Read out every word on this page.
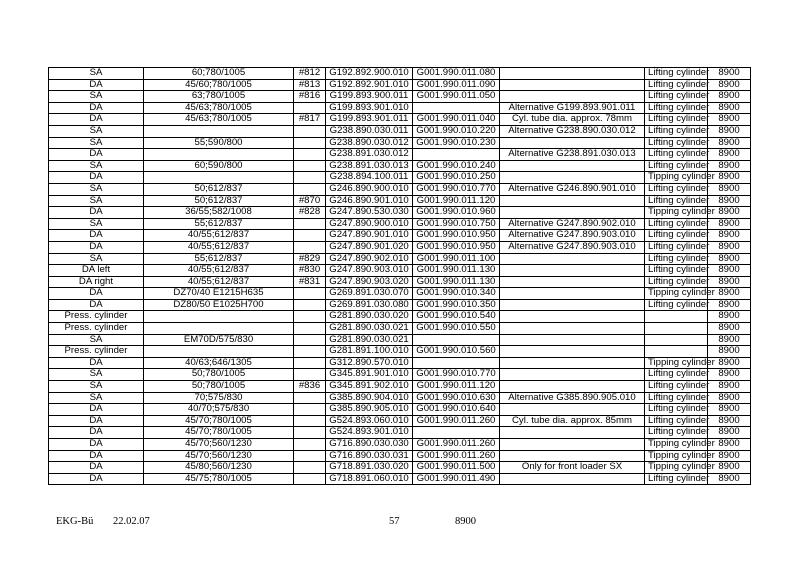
SA	60;780/1005	#812	G192.892.900.010	G001.990.011.080		Lifting cylinder	8900
DA	45/60;780/1005	#813	G192.892.901.010	G001.990.011.090		Lifting cylinder	8900
SA	63;780/1005	#816	G199.893.900.011	G001.990.011.050		Lifting cylinder	8900
DA	45/63;780/1005		G199.893.901.010		Alternative G199.893.901.011	Lifting cylinder	8900
DA	45/63;780/1005	#817	G199.893.901.011	G001.990.011.040	Cyl. tube dia. approx. 78mm	Lifting cylinder	8900
SA			G238.890.030.011	G001.990.010.220	Alternative G238.890.030.012	Lifting cylinder	8900
SA	55;590/800		G238.890.030.012	G001.990.010.230		Lifting cylinder	8900
DA			G238.891.030.012		Alternative G238.891.030.013	Lifting cylinder	8900
SA	60;590/800		G238.891.030.013	G001.990.010.240		Lifting cylinder	8900
DA			G238.894.100.011	G001.990.010.250		Tipping cylinder	8900
SA	50;612/837		G246.890.900.010	G001.990.010.770	Alternative G246.890.901.010	Lifting cylinder	8900
SA	50;612/837	#870	G246.890.901.010	G001.990.011.120		Lifting cylinder	8900
DA	36/55;582/1008	#828	G247.890.530.030	G001.990.010.960		Tipping cylinder	8900
SA	55;612/837		G247.890.900.010	G001.990.010.750	Alternative G247.890.902.010	Lifting cylinder	8900
DA	40/55;612/837		G247.890.901.010	G001.990.010.950	Alternative G247.890.903.010	Lifting cylinder	8900
DA	40/55;612/837		G247.890.901.020	G001.990.010.950	Alternative G247.890.903.010	Lifting cylinder	8900
SA	55;612/837	#829	G247.890.902.010	G001.990.011.100		Lifting cylinder	8900
DA left	40/55;612/837	#830	G247.890.903.010	G001.990.011.130		Lifting cylinder	8900
DA right	40/55;612/837	#831	G247.890.903.020	G001.990.011.130		Lifting cylinder	8900
DA	DZ70/40 E1215H635		G269.891.030.070	G001.990.010.340		Tipping cylinder	8900
DA	DZ80/50 E1025H700		G269.891.030.080	G001.990.010.350		Lifting cylinder	8900
Press. cylinder			G281.890.030.020	G001.990.010.540			8900
Press. cylinder			G281.890.030.021	G001.990.010.550			8900
SA	EM70D/575/830		G281.890.030.021				8900
Press. cylinder			G281.891.100.010	G001.990.010.560			8900
DA	40/63;646/1305		G312.890.570.010			Tipping cylinder	8900
SA	50;780/1005		G345.891.901.010	G001.990.010.770		Lifting cylinder	8900
SA	50;780/1005	#836	G345.891.902.010	G001.990.011.120		Lifting cylinder	8900
SA	70;575/830		G385.890.904.010	G001.990.010.630	Alternative G385.890.905.010	Lifting cylinder	8900
DA	40/70;575/830		G385.890.905.010	G001.990.010.640		Lifting cylinder	8900
DA	45/70;780/1005		G524.893.060.010	G001.990.011.260	Cyl. tube dia. approx. 85mm	Lifting cylinder	8900
DA	45/70;780/1005		G524.893.901.010			Lifting cylinder	8900
DA	45/70;560/1230		G716.890.030.030	G001.990.011.260		Tipping cylinder	8900
DA	45/70;560/1230		G716.890.030.031	G001.990.011.260		Tipping cylinder	8900
DA	45/80;560/1230		G718.891.030.020	G001.990.011.500	Only for front loader SX	Tipping cylinder	8900
DA	45/75;780/1005		G718.891.060.010	G001.990.011.490		Lifting cylinder	8900
EKG-Bü 22.02.07	57	8900
